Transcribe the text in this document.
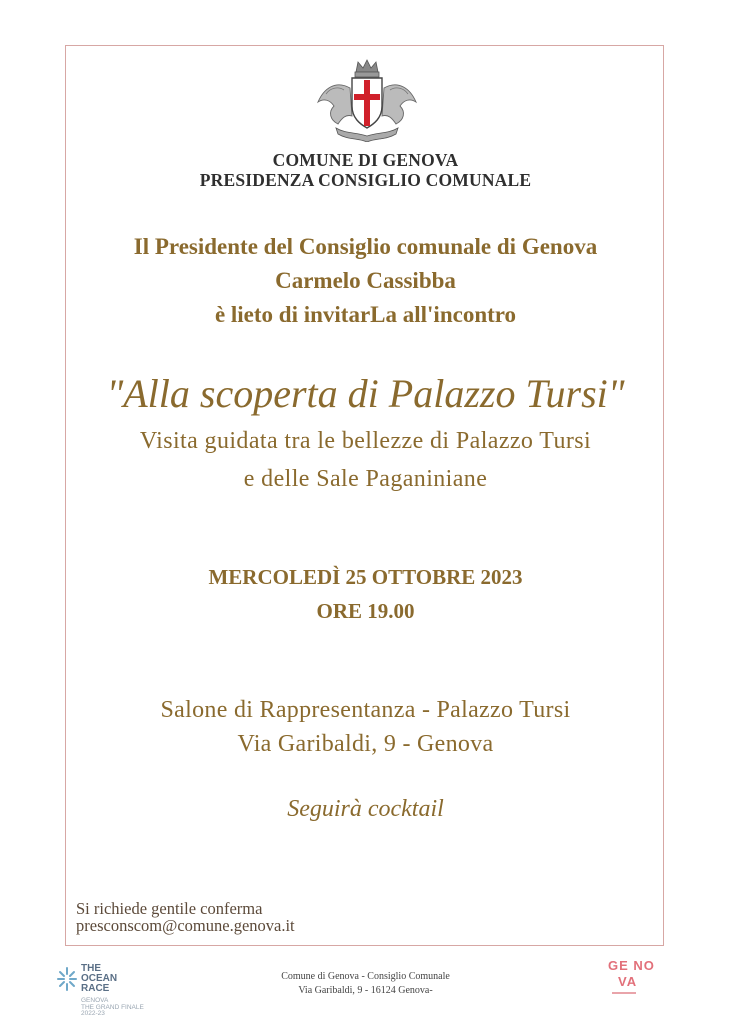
COMUNE DI GENOVA
PRESIDENZA CONSIGLIO COMUNALE
Il Presidente del Consiglio comunale di Genova
Carmelo Cassibba
è lieto di invitarLa all'incontro
"Alla scoperta di Palazzo Tursi"
Visita guidata tra le bellezze di Palazzo Tursi
e delle Sale Paganiniane
MERCOLEDÌ 25 OTTOBRE 2023
ORE 19.00
Salone di Rappresentanza - Palazzo Tursi
Via Garibaldi, 9 - Genova
Seguirà cocktail
Si richiede gentile conferma
presconscom@comune.genova.it
THE
OCEAN
RACE
GENOVA
THE GRAND FINALE
2022-23
Comune di Genova - Consiglio Comunale
Via Garibaldi, 9 - 16124 Genova-
GE NO
VA
